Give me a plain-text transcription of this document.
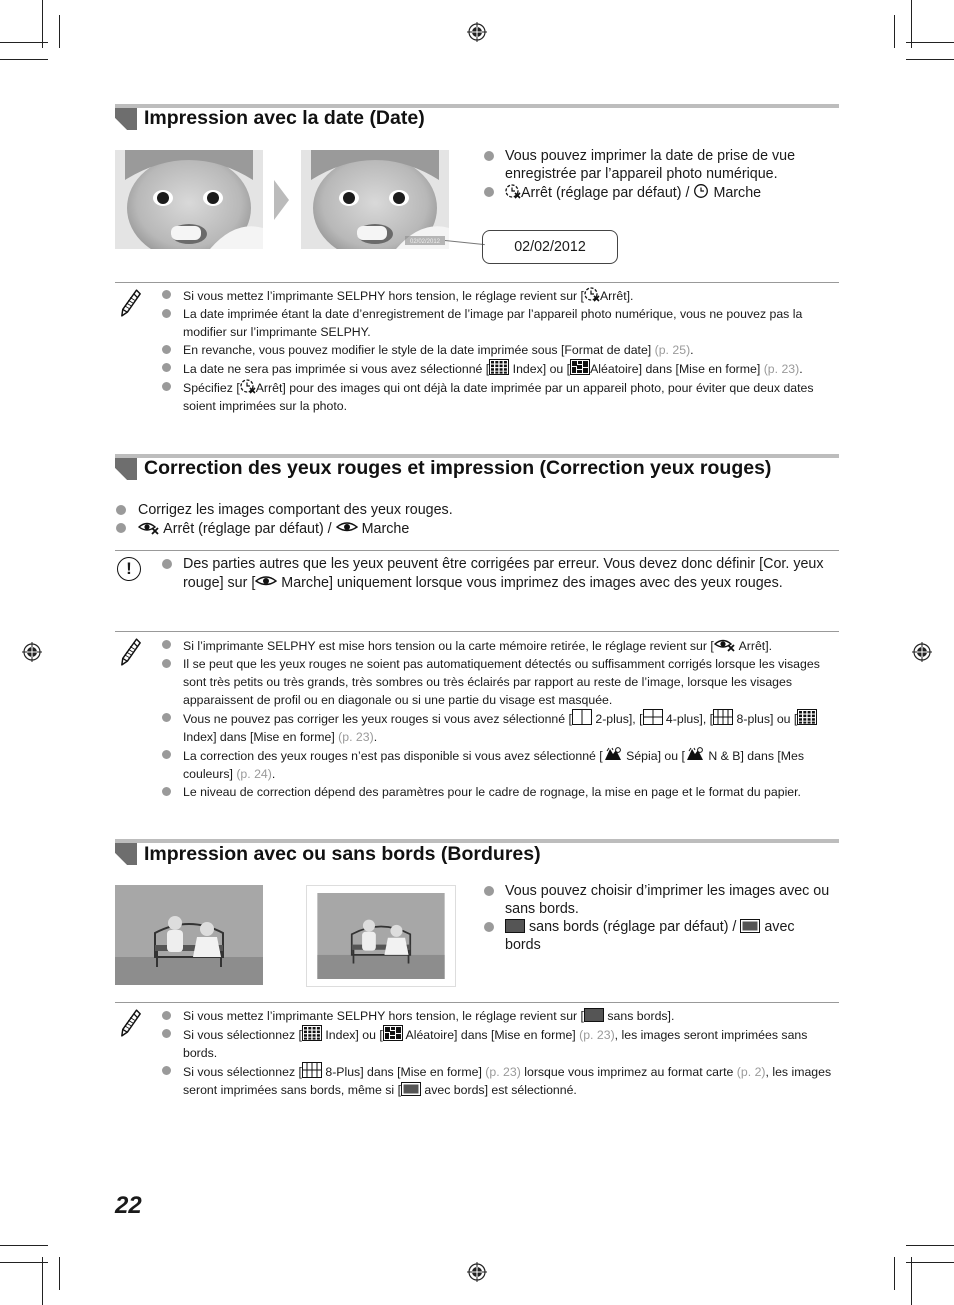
Impression avec la date (Date)
02/02/2012	02/02/2012
Vous pouvez imprimer la date de prise de vue enregistrée par l’appareil photo numérique.
Arrêt (réglage par défaut) /  Marche

Si vous mettez l’imprimante SELPHY hors tension, le réglage revient sur [ Arrêt].

La date imprimée étant la date d’enregistrement de l’image par l’appareil photo numérique, vous ne pouvez pas la modifier sur l’imprimante SELPHY.

En revanche, vous pouvez modifier le style de la date imprimée sous [Format de date] (p. 25).

La date ne sera pas imprimée si vous avez sélectionné [ Index] ou [ Aléatoire] dans [Mise en forme] (p. 23).

Spécifiez [ Arrêt] pour des images qui ont déjà la date imprimée par un appareil photo, pour éviter que deux dates soient imprimées sur la photo.

Correction des yeux rouges et impression (Correction yeux rouges)
Corrigez les images comportant des yeux rouges.
Arrêt (réglage par défaut) /  Marche
!	Des parties autres que les yeux peuvent être corrigées par erreur. Vous devez donc définir [Cor. yeux rouge] sur [ Marche] uniquement lorsque vous imprimez des images avec des yeux rouges.

Si l’imprimante SELPHY est mise hors tension ou la carte mémoire retirée, le réglage revient sur [ Arrêt].

Il se peut que les yeux rouges ne soient pas automatiquement détectés ou suffisamment corrigés lorsque les visages sont très petits ou très grands, très sombres ou très éclairés par rapport au reste de l’image, lorsque les visages apparaissent de profil ou en diagonale ou si une partie du visage est masquée.

Vous ne pouvez pas corriger les yeux rouges si vous avez sélectionné [ 2-plus], [ 4-plus], [ 8-plus] ou [ Index] dans [Mise en forme] (p. 23).

La correction des yeux rouges n’est pas disponible si vous avez sélectionné [ Sépia] ou [ N & B] dans [Mes couleurs] (p. 24).

Le niveau de correction dépend des paramètres pour le cadre de rognage, la mise en page et le format du papier.

Impression avec ou sans bords (Bordures)
Vous pouvez choisir d’imprimer les images avec ou sans bords.
sans bords (réglage par défaut) /  avec bords

Si vous mettez l’imprimante SELPHY hors tension, le réglage revient sur [ sans bords].

Si vous sélectionnez [ Index] ou [ Aléatoire] dans [Mise en forme] (p. 23), les images seront imprimées sans bords.

Si vous sélectionnez [ 8-Plus] dans [Mise en forme] (p. 23) lorsque vous imprimez au format carte (p. 2), les images seront imprimées sans bords, même si [ avec bords] est sélectionné.

22
